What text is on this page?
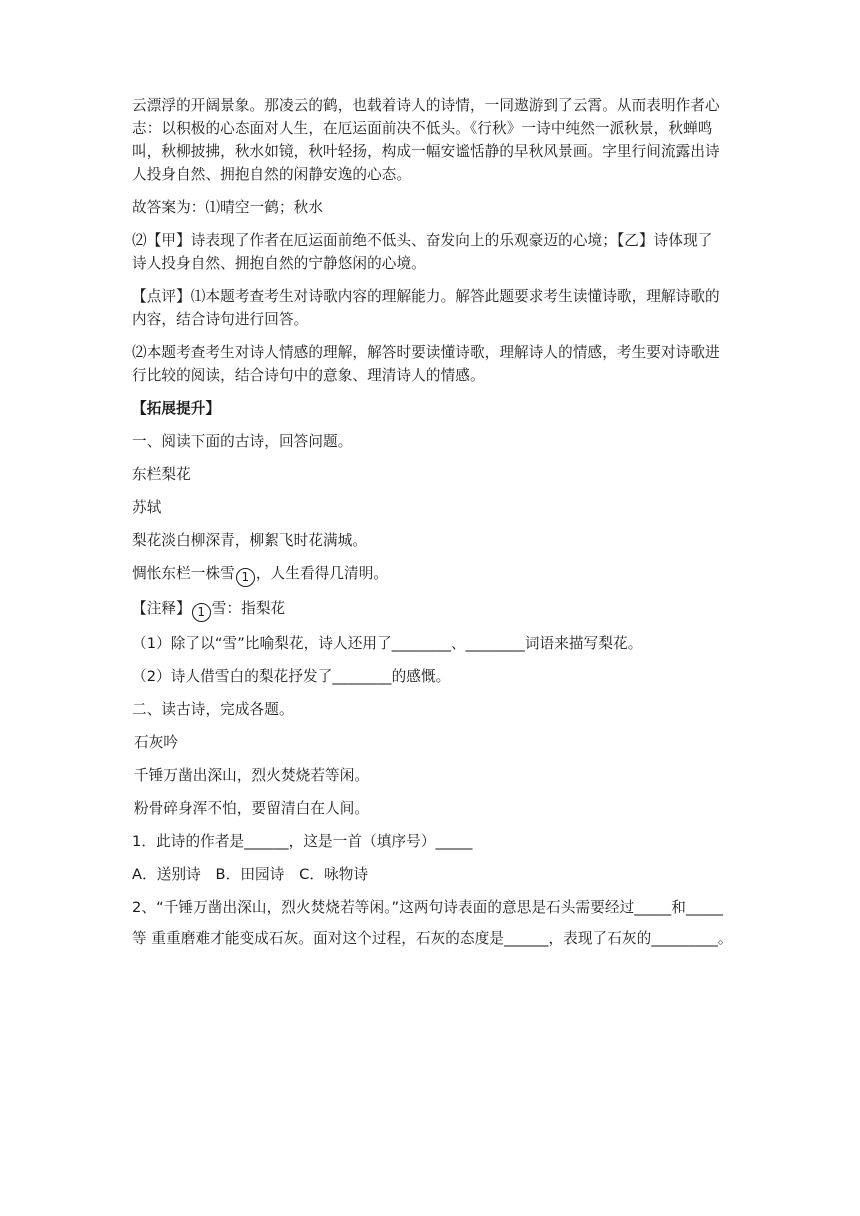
云漂浮的开阔景象。那凌云的鹤，也载着诗人的诗情，一同遨游到了云霄。从而表明作者心
志：以积极的心态面对人生，在厄运面前决不低头。《行秋》一诗中纯然一派秋景，秋蝉鸣
叫，秋柳披拂，秋水如镜，秋叶轻扬，构成一幅安谧恬静的早秋风景画。字里行间流露出诗
人投身自然、拥抱自然的闲静安逸的心态。
故答案为：⑴晴空一鹤；秋水
⑵【甲】诗表现了作者在厄运面前绝不低头、奋发向上的乐观豪迈的心境；【乙】诗体现了
诗人投身自然、拥抱自然的宁静悠闲的心境。
【点评】⑴本题考查考生对诗歌内容的理解能力。解答此题要求考生读懂诗歌，理解诗歌的
内容，结合诗句进行回答。
⑵本题考查考生对诗人情感的理解，解答时要读懂诗歌，理解诗人的情感，考生要对诗歌进
行比较的阅读，结合诗句中的意象、理清诗人的情感。
【拓展提升】
一、阅读下面的古诗，回答问题。
东栏梨花
苏轼
梨花淡白柳深青，柳絮飞时花满城。
惆怅东栏一株雪 1 ，人生看得几清明。
【注释】 1 雪：指梨花
（1）除了以“雪”比喻梨花，诗人还用了________、________词语来描写梨花。
（2）诗人借雪白的梨花抒发了________的感慨。
二、读古诗，完成各题。
石灰吟
千锤万凿出深山，烈火焚烧若等闲。
粉骨碎身浑不怕，要留清白在人间。
1．此诗的作者是______，这是一首（填序号）_____
A．送别诗　B．田园诗　C．咏物诗
2、“千锤万凿出深山，烈火焚烧若等闲。”这两句诗表面的意思是石头需要经过_____和_____
等 重重磨难才能变成石灰。面对这个过程，石灰的态度是______，表现了石灰的_________。
